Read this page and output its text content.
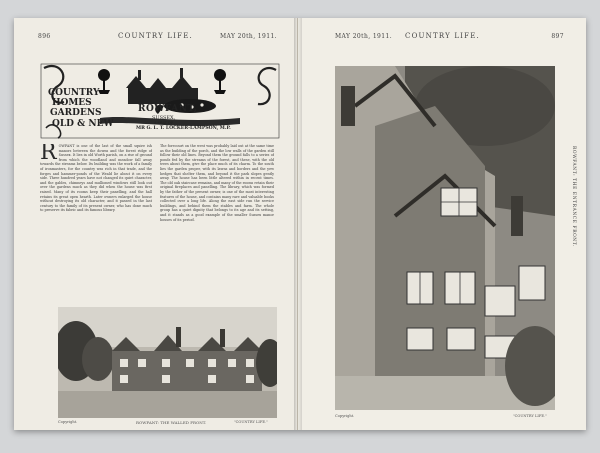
896	COUNTRY LIFE.	MAY 20th, 1911.
COUNTRY
HOMES
GARDENS
OLD & NEW
ROWFANT,
SUSSEX,
A SEAT OF
MR G. L. T. LOCKER-LAMPSON, M.P.
R OWFANT is one of the last of the small squire ish manors between the downs and the forest ridge of Sussex. It lies in old Worth parish, on a rise of ground from which the woodland and meadow fall away towards the streams below. Its building was the work of a family of ironmasters, for the country was rich in that trade, and the forges and hammer-ponds of the Weald lie about it on every side. Three hundred years have not changed its quiet character, and the gables, chimneys and mullioned windows still look out over the gardens much as they did when the house was first raised. Many of its rooms keep their panelling, and the hall retains its great open hearth. Later owners enlarged the house without destroying its old character, and it passed in the last century to the family of its present owner, who has done much to preserve its fabric and its famous library.
The forecourt on the west was probably laid out at the same time as the building of the porch, and the low walls of the garden still follow their old lines. Beyond them the ground falls to a series of ponds fed by the streams of the forest, and these, with the old trees about them, give the place much of its charm. To the south lies the garden proper, with its lawns and borders and the yew hedges that shelter them, and beyond it the park slopes gently away. The house has been little altered within in recent times. The old oak staircase remains, and many of the rooms retain their original fireplaces and panelling. The library, which was formed by the father of the present owner, is one of the most interesting features of the house, and contains many rare and valuable books collected over a long life. Along the east side run the service buildings, and behind them the stables and farm. The whole group has a quiet dignity that belongs to its age and its setting, and it stands as a good example of the smaller Sussex manor houses of its period.
Copyright.	ROWFANT: THE WALLED FRONT.	"COUNTRY LIFE."
MAY 20th, 1911.	COUNTRY LIFE.	897
Copyright.	"COUNTRY LIFE."
ROWFANT: THE ENTRANCE FRONT.
